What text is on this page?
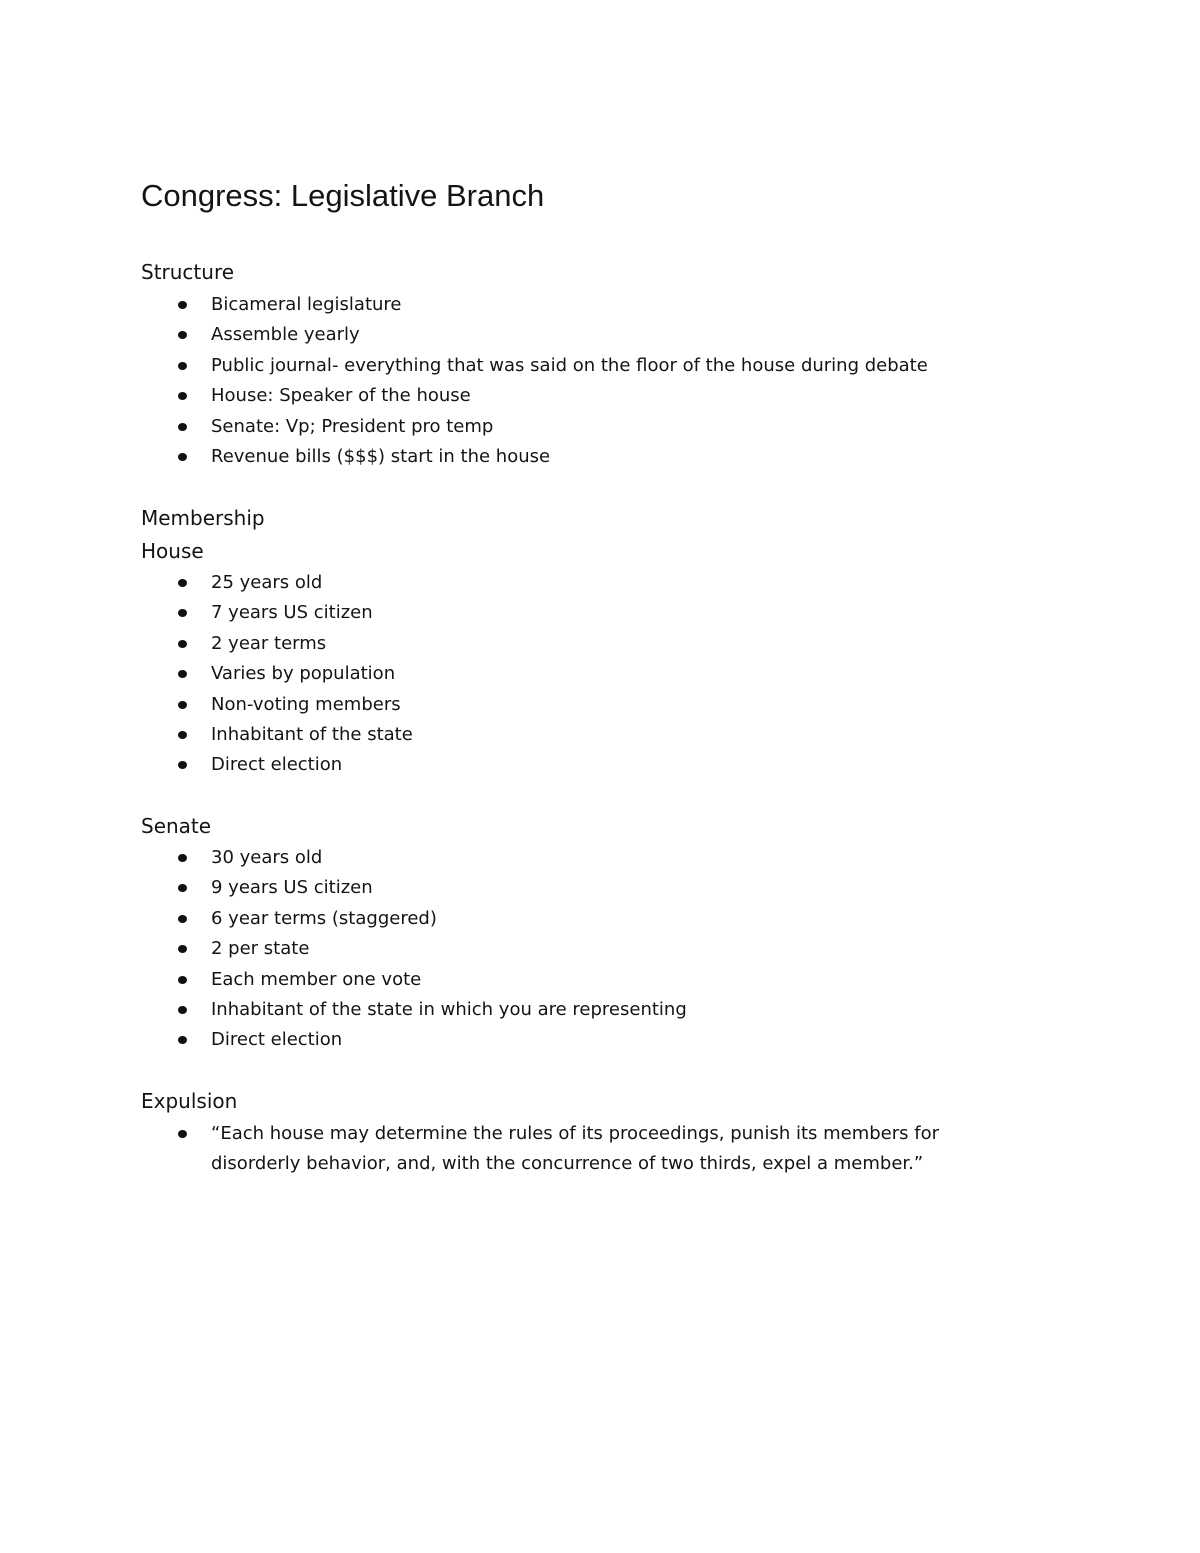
Congress: Legislative Branch
Structure
Bicameral legislature
Assemble yearly
Public journal- everything that was said on the floor of the house during debate
House: Speaker of the house
Senate: Vp; President pro temp
Revenue bills ($$$) start in the house
Membership
House
25 years old
7 years US citizen
2 year terms
Varies by population
Non-voting members
Inhabitant of the state
Direct election
Senate
30 years old
9 years US citizen
6 year terms (staggered)
2 per state
Each member one vote
Inhabitant of the state in which you are representing
Direct election
Expulsion
“Each house may determine the rules of its proceedings, punish its members for disorderly behavior, and, with the concurrence of two thirds, expel a member.”
